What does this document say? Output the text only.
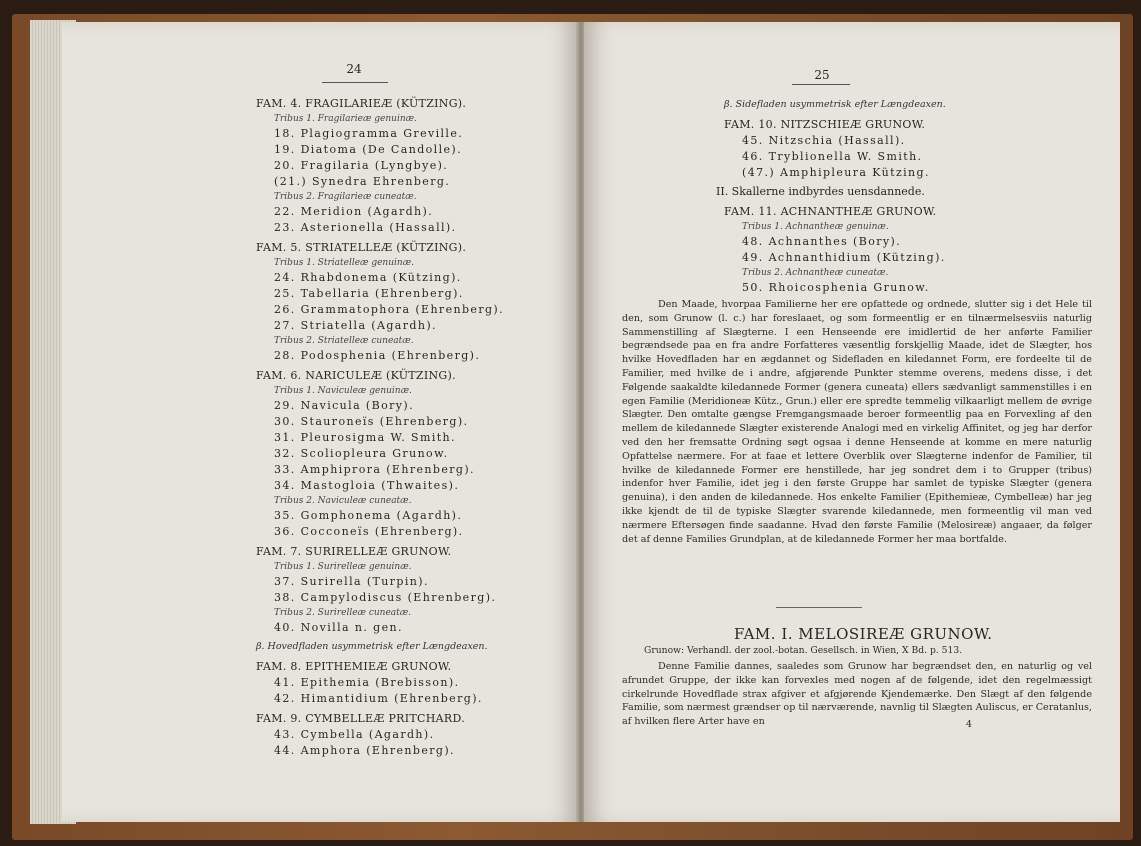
24
FAM. 4. FRAGILARIEÆ (KÜTZING).
Tribus 1. Fragilarieæ genuinæ.
18. Plagiogramma Greville.
19. Diatoma (De Candolle).
20. Fragilaria (Lyngbye).
(21.) Synedra Ehrenberg.
Tribus 2. Fragilarieæ cuneatæ.
22. Meridion (Agardh).
23. Asterionella (Hassall).
FAM. 5. STRIATELLEÆ (KÜTZING).
Tribus 1. Striatelleæ genuinæ.
24. Rhabdonema (Kützing).
25. Tabellaria (Ehrenberg).
26. Grammatophora (Ehrenberg).
27. Striatella (Agardh).
Tribus 2. Striatelleæ cuneatæ.
28. Podosphenia (Ehrenberg).
FAM. 6. NARICULEÆ (KÜTZING).
Tribus 1. Naviculeæ genuinæ.
29. Navicula (Bory).
30. Stauroneïs (Ehrenberg).
31. Pleurosigma W. Smith.
32. Scoliopleura Grunow.
33. Amphiprora (Ehrenberg).
34. Mastogloia (Thwaites).
Tribus 2. Naviculeæ cuneatæ.
35. Gomphonema (Agardh).
36. Cocconeïs (Ehrenberg).
FAM. 7. SURIRELLEÆ GRUNOW.
Tribus 1. Surirelleæ genuinæ.
37. Surirella (Turpin).
38. Campylodiscus (Ehrenberg).
Tribus 2. Surirelleæ cuneatæ.
40. Novilla n. gen.
β. Hovedfladen usymmetrisk efter Længdeaxen.
FAM. 8. EPITHEMIEÆ GRUNOW.
41. Epithemia (Brebisson).
42. Himantidium (Ehrenberg).
FAM. 9. CYMBELLEÆ PRITCHARD.
43. Cymbella (Agardh).
44. Amphora (Ehrenberg).
25
β. Sidefladen usymmetrisk efter Længdeaxen.
FAM. 10. NITZSCHIEÆ GRUNOW.
45. Nitzschia (Hassall).
46. Tryblionella W. Smith.
(47.) Amphipleura Kützing.
II. Skallerne indbyrdes uensdannede.
FAM. 11. ACHNANTHEÆ GRUNOW.
Tribus 1. Achnantheæ genuinæ.
48. Achnanthes (Bory).
49. Achnanthidium (Kützing).
Tribus 2. Achnantheæ cuneatæ.
50. Rhoicosphenia Grunow.

Den Maade, hvorpaa Familierne her ere opfattede og ordnede, slutter sig i det Hele til den, som Grunow (l. c.) har foreslaaet, og som formeentlig er en tilnærmelsesviis naturlig Sammenstilling af Slægterne. I een Henseende ere imidlertid de her anførte Familier begrændsede paa en fra andre Forfatteres væsentlig forskjellig Maade, idet de Slægter, hos hvilke Hovedfladen har en ægdannet og Sidefladen en kiledannet Form, ere fordeelte til de Familier, med hvilke de i andre, afgjørende Punkter stemme overens, medens disse, i det Følgende saakaldte kiledannede Former (genera cuneata) ellers sædvanligt sammenstilles i en egen Familie (Meridioneæ Kütz., Grun.) eller ere spredte temmelig vilkaarligt mellem de øvrige Slægter. Den omtalte gængse Fremgangsmaade beroer formeentlig paa en Forvexling af den mellem de kiledannede Slægter existerende Analogi med en virkelig Affinitet, og jeg har derfor ved den her fremsatte Ordning søgt ogsaa i denne Henseende at komme en mere naturlig Opfattelse nærmere. For at faae et lettere Overblik over Slægterne indenfor de Familier, til hvilke de kiledannede Former ere henstillede, har jeg sondret dem i to Grupper (tribus) indenfor hver Familie, idet jeg i den første Gruppe har samlet de typiske Slægter (genera genuina), i den anden de kiledannede. Hos enkelte Familier (Epithemieæ, Cymbelleæ) har jeg ikke kjendt de til de typiske Slægter svarende kiledannede, men formeentlig vil man ved nærmere Eftersøgen finde saadanne. Hvad den første Familie (Melosireæ) angaaer, da følger det af denne Families Grundplan, at de kiledannede Former her maa bortfalde.

FAM. I. MELOSIREÆ GRUNOW.
Grunow: Verhandl. der zool.-botan. Gesellsch. in Wien, X Bd. p. 513.

Denne Familie dannes, saaledes som Grunow har begrændset den, en naturlig og vel afrundet Gruppe, der ikke kan forvexles med nogen af de følgende, idet den regelmæssigt cirkelrunde Hovedflade strax afgiver et afgjørende Kjendemærke. Den Slægt af den følgende Familie, som nærmest grændser op til nærværende, navnlig til Slægten Auliscus, er Ceratanlus, af hvilken flere Arter have en	4
